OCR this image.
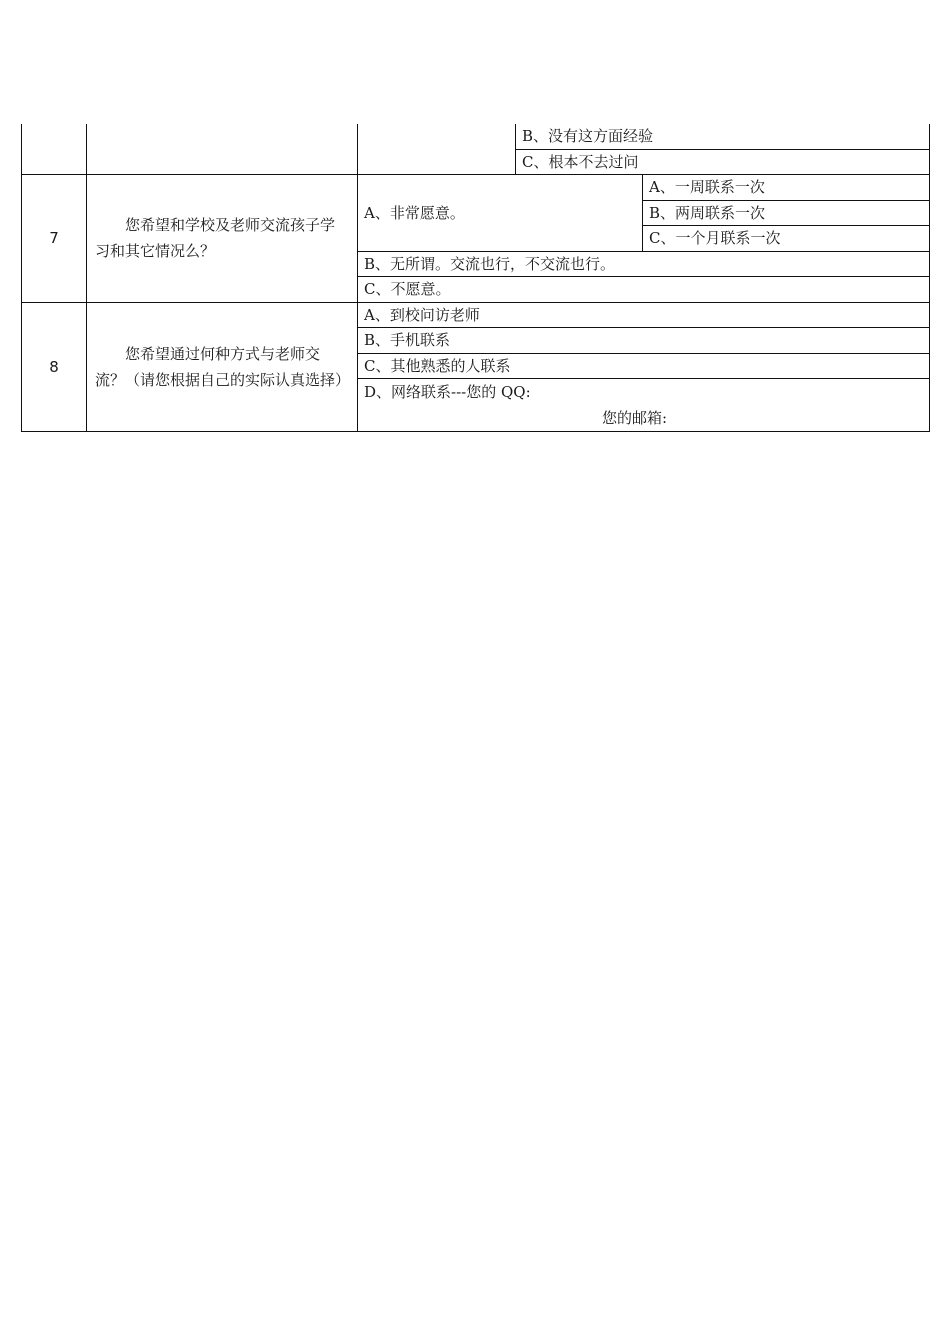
			B、没有这方面经验	
			C、根本不去过问	
7	您希望和学校及老师交流孩子学习和其它情况么？	A、非常愿意。		A、一周联系一次
				B、两周联系一次
				C、一个月联系一次
		B、无所谓。交流也行，不交流也行。		
		C、不愿意。		
8	您希望通过何种方式与老师交流？（请您根据自己的实际认真选择）	A、到校问访老师		
		B、手机联系		
		C、其他熟悉的人联系		
		D、网络联系---您的 QQ:
您的邮箱:		
